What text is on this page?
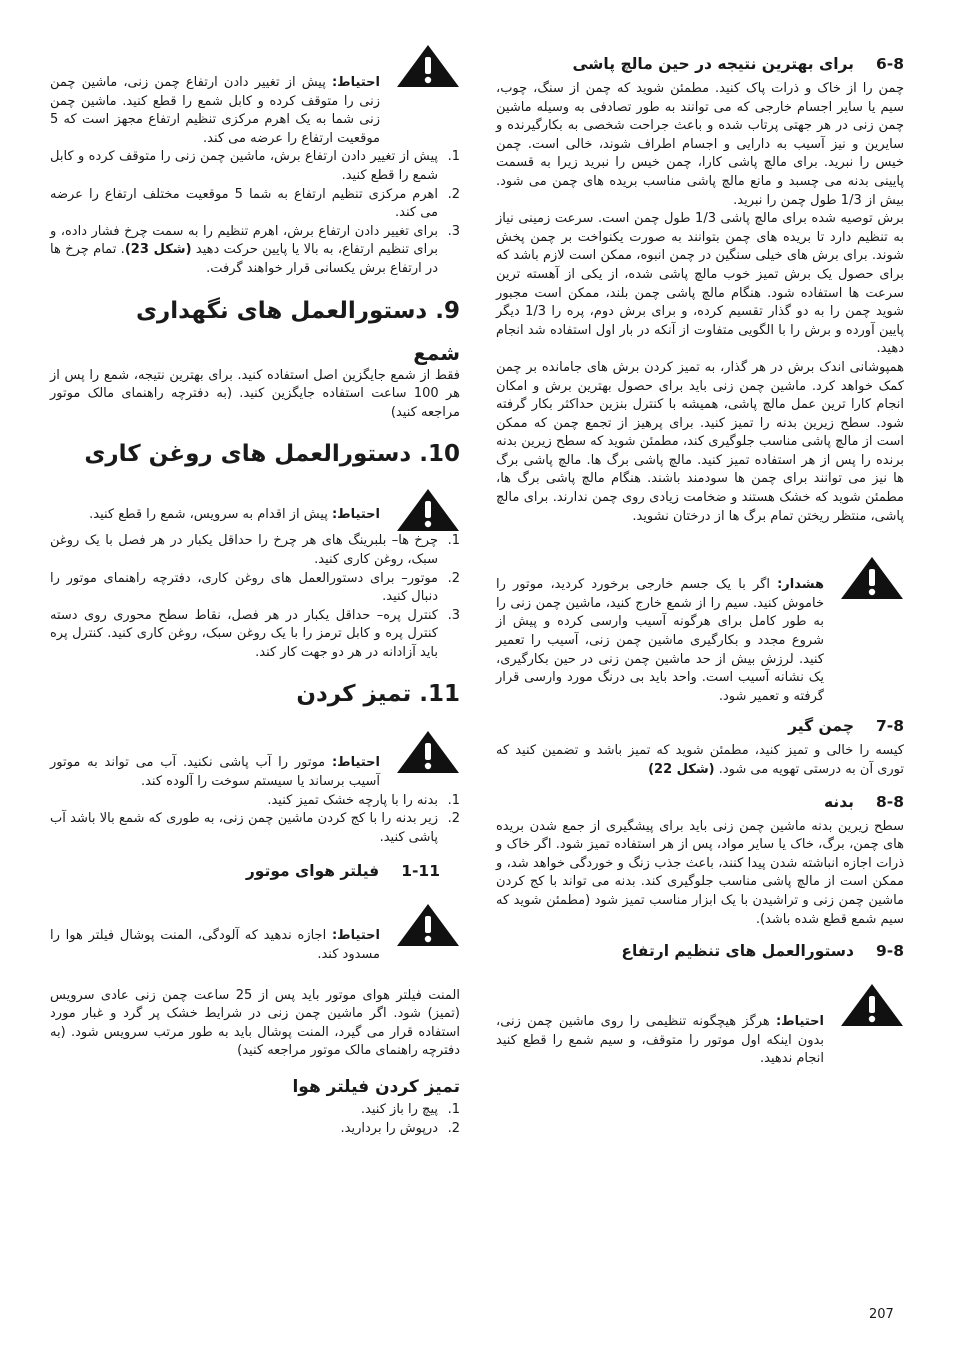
6-8برای بهترین نتیجه در حین مالچ پاشی

چمن را از خاک و ذرات پاک کنید. مطمئن شوید که چمن از سنگ، چوب، سیم یا سایر اجسام خارجی که می توانند به طور تصادفی به وسیله ماشین چمن زنی در هر جهتی پرتاب شده و باعث جراحت شخصی به بکارگیرنده و سایرین و نیز آسیب به دارایی و اجسام اطراف شوند، خالی است. چمن خیس را نبرید. برای مالچ پاشی کارا، چمن خیس را نبرید زیرا به قسمت پایینی بدنه می چسبد و مانع مالچ پاشی مناسب بریده های چمن می شود. بیش از 1/3 طول چمن را نبرید.

برش توصیه شده برای مالچ پاشی 1/3 طول چمن است. سرعت زمینی نیاز به تنظیم دارد تا بریده های چمن بتوانند به صورت یکنواخت بر چمن پخش شوند. برای برش های خیلی سنگین در چمن انبوه، ممکن است لازم باشد که برای حصول یک برش تمیز خوب مالچ پاشی شده، از یکی از آهسته ترین سرعت ها استفاده شود. هنگام مالچ پاشی چمن بلند، ممکن است مجبور شوید چمن را به دو گذار تقسیم کرده، و برای برش دوم، پره را 1/3 دیگر پایین آورده و برش را با الگویی متفاوت از آنکه در بار اول استفاده شد انجام دهید.

همپوشانی اندک برش در هر گذار، به تمیز کردن برش های جامانده بر چمن کمک خواهد کرد. ماشین چمن زنی باید برای حصول بهترین برش و امکان انجام کارا ترین عمل مالچ پاشی، همیشه با کنترل بنزین حداکثر بکار گرفته شود. سطح زیرین بدنه را تمیز کنید. برای پرهیز از تجمع چمن که ممکن است از مالچ پاشی مناسب جلوگیری کند، مطمئن شوید که سطح زیرین بدنه برنده را پس از هر استفاده تمیز کنید. مالچ پاشی برگ ها. مالچ پاشی برگ ها نیز می توانند برای چمن ها سودمند باشند. هنگام مالچ پاشی برگ ها، مطمئن شوید که خشک هستند و ضخامت زیادی روی چمن ندارند. برای مالچ پاشی، منتظر ریختن تمام برگ ها از درختان نشوید.

هشدار: اگر با یک جسم خارجی برخورد کردید، موتور را خاموش کنید. سیم را از شمع خارج کنید، ماشین چمن زنی را به طور کامل برای هرگونه آسیب وارسی کرده و پیش از شروع مجدد و بکارگیری ماشین چمن زنی، آسیب را تعمیر کنید. لرزش بیش از حد ماشین چمن زنی در حین بکارگیری، یک نشانه آسیب است. واحد باید بی درنگ مورد وارسی قرار گرفته و تعمیر شود.

7-8چمن گیر

کیسه را خالی و تمیز کنید، مطمئن شوید که تمیز باشد و تضمین کنید که توری آن به درستی تهویه می شود. (شکل 22)

8-8بدنه

سطح زیرین بدنه ماشین چمن زنی باید برای پیشگیری از جمع شدن بریده های چمن، برگ، خاک یا سایر مواد، پس از هر استفاده تمیز شود. اگر خاک و ذرات اجازه انباشته شدن پیدا کنند، باعث جذب زنگ و خوردگی خواهد شد، و ممکن است از مالچ پاشی مناسب جلوگیری کند. بدنه می تواند با کج کردن ماشین چمن زنی و تراشیدن با یک ابزار مناسب تمیز شود (مطمئن شوید که سیم شمع قطع شده باشد).

9-8دستورالعمل های تنظیم ارتفاع

احتیاط: هرگز هیچگونه تنظیمی را روی ماشین چمن زنی، بدون اینکه اول موتور را متوقف، و سیم شمع را قطع کنید انجام ندهید.

احتیاط: پیش از تغییر دادن ارتفاع چمن زنی، ماشین چمن زنی را متوقف کرده و کابل شمع را قطع کنید. ماشین چمن زنی شما به یک اهرم مرکزی تنظیم ارتفاع مجهز است که 5 موقعیت ارتفاع را عرضه می کند.

1.
پیش از تغییر دادن ارتفاع برش، ماشین چمن زنی را متوقف کرده و کابل شمع را قطع کنید.
2.
اهرم مرکزی تنظیم ارتفاع به شما 5 موقعیت مختلف ارتفاع را عرضه می کند.
3.
برای تغییر دادن ارتفاع برش، اهرم تنظیم را به سمت چرخ فشار داده، و برای تنظیم ارتفاع، به بالا یا پایین حرکت دهید (شکل 23). تمام چرخ ها در ارتفاع برش یکسانی قرار خواهند گرفت.
9. دستورالعمل های نگهداری
شمع

فقط از شمع جایگزین اصل استفاده کنید. برای بهترین نتیجه، شمع را پس از هر 100 ساعت استفاده جایگزین کنید. (به دفترچه راهنمای مالک موتور مراجعه کنید)

10. دستورالعمل های روغن کاری

احتیاط: پیش از اقدام به سرویس، شمع را قطع کنید.

1.
چرخ ها– بلبرینگ های هر چرخ را حداقل یکبار در هر فصل با یک روغن سبک، روغن کاری کنید.
2.
موتور– برای دستورالعمل های روغن کاری، دفترچه راهنمای موتور را دنبال کنید.
3.
کنترل پره– حداقل یکبار در هر فصل، نقاط سطح محوری روی دسته کنترل پره و کابل ترمز را با یک روغن سبک، روغن کاری کنید. کنترل پره باید آزادانه در هر دو جهت کار کند.
11. تمیز کردن

احتیاط: موتور را آب پاشی نکنید. آب می تواند به موتور آسیب برساند یا سیستم سوخت را آلوده کند.

1.
بدنه را با پارچه خشک تمیز کنید.
2.
زیر بدنه را با کج کردن ماشین چمن زنی، به طوری که شمع بالا باشد آب پاشی کنید.
1-11فیلتر هوای موتور

احتیاط: اجازه ندهید که آلودگی، المنت پوشال فیلتر هوا را مسدود کند.

المنت فیلتر هوای موتور باید پس از 25 ساعت چمن زنی عادی سرویس (تمیز) شود. اگر ماشین چمن زنی در شرایط خشک پر گرد و غبار مورد استفاده قرار می گیرد، المنت پوشال باید به طور مرتب سرویس شود. (به دفترچه راهنمای مالک موتور مراجعه کنید)

تمیز کردن فیلتر هوا
1.
پیچ را باز کنید.
2.
درپوش را بردارید.
207
